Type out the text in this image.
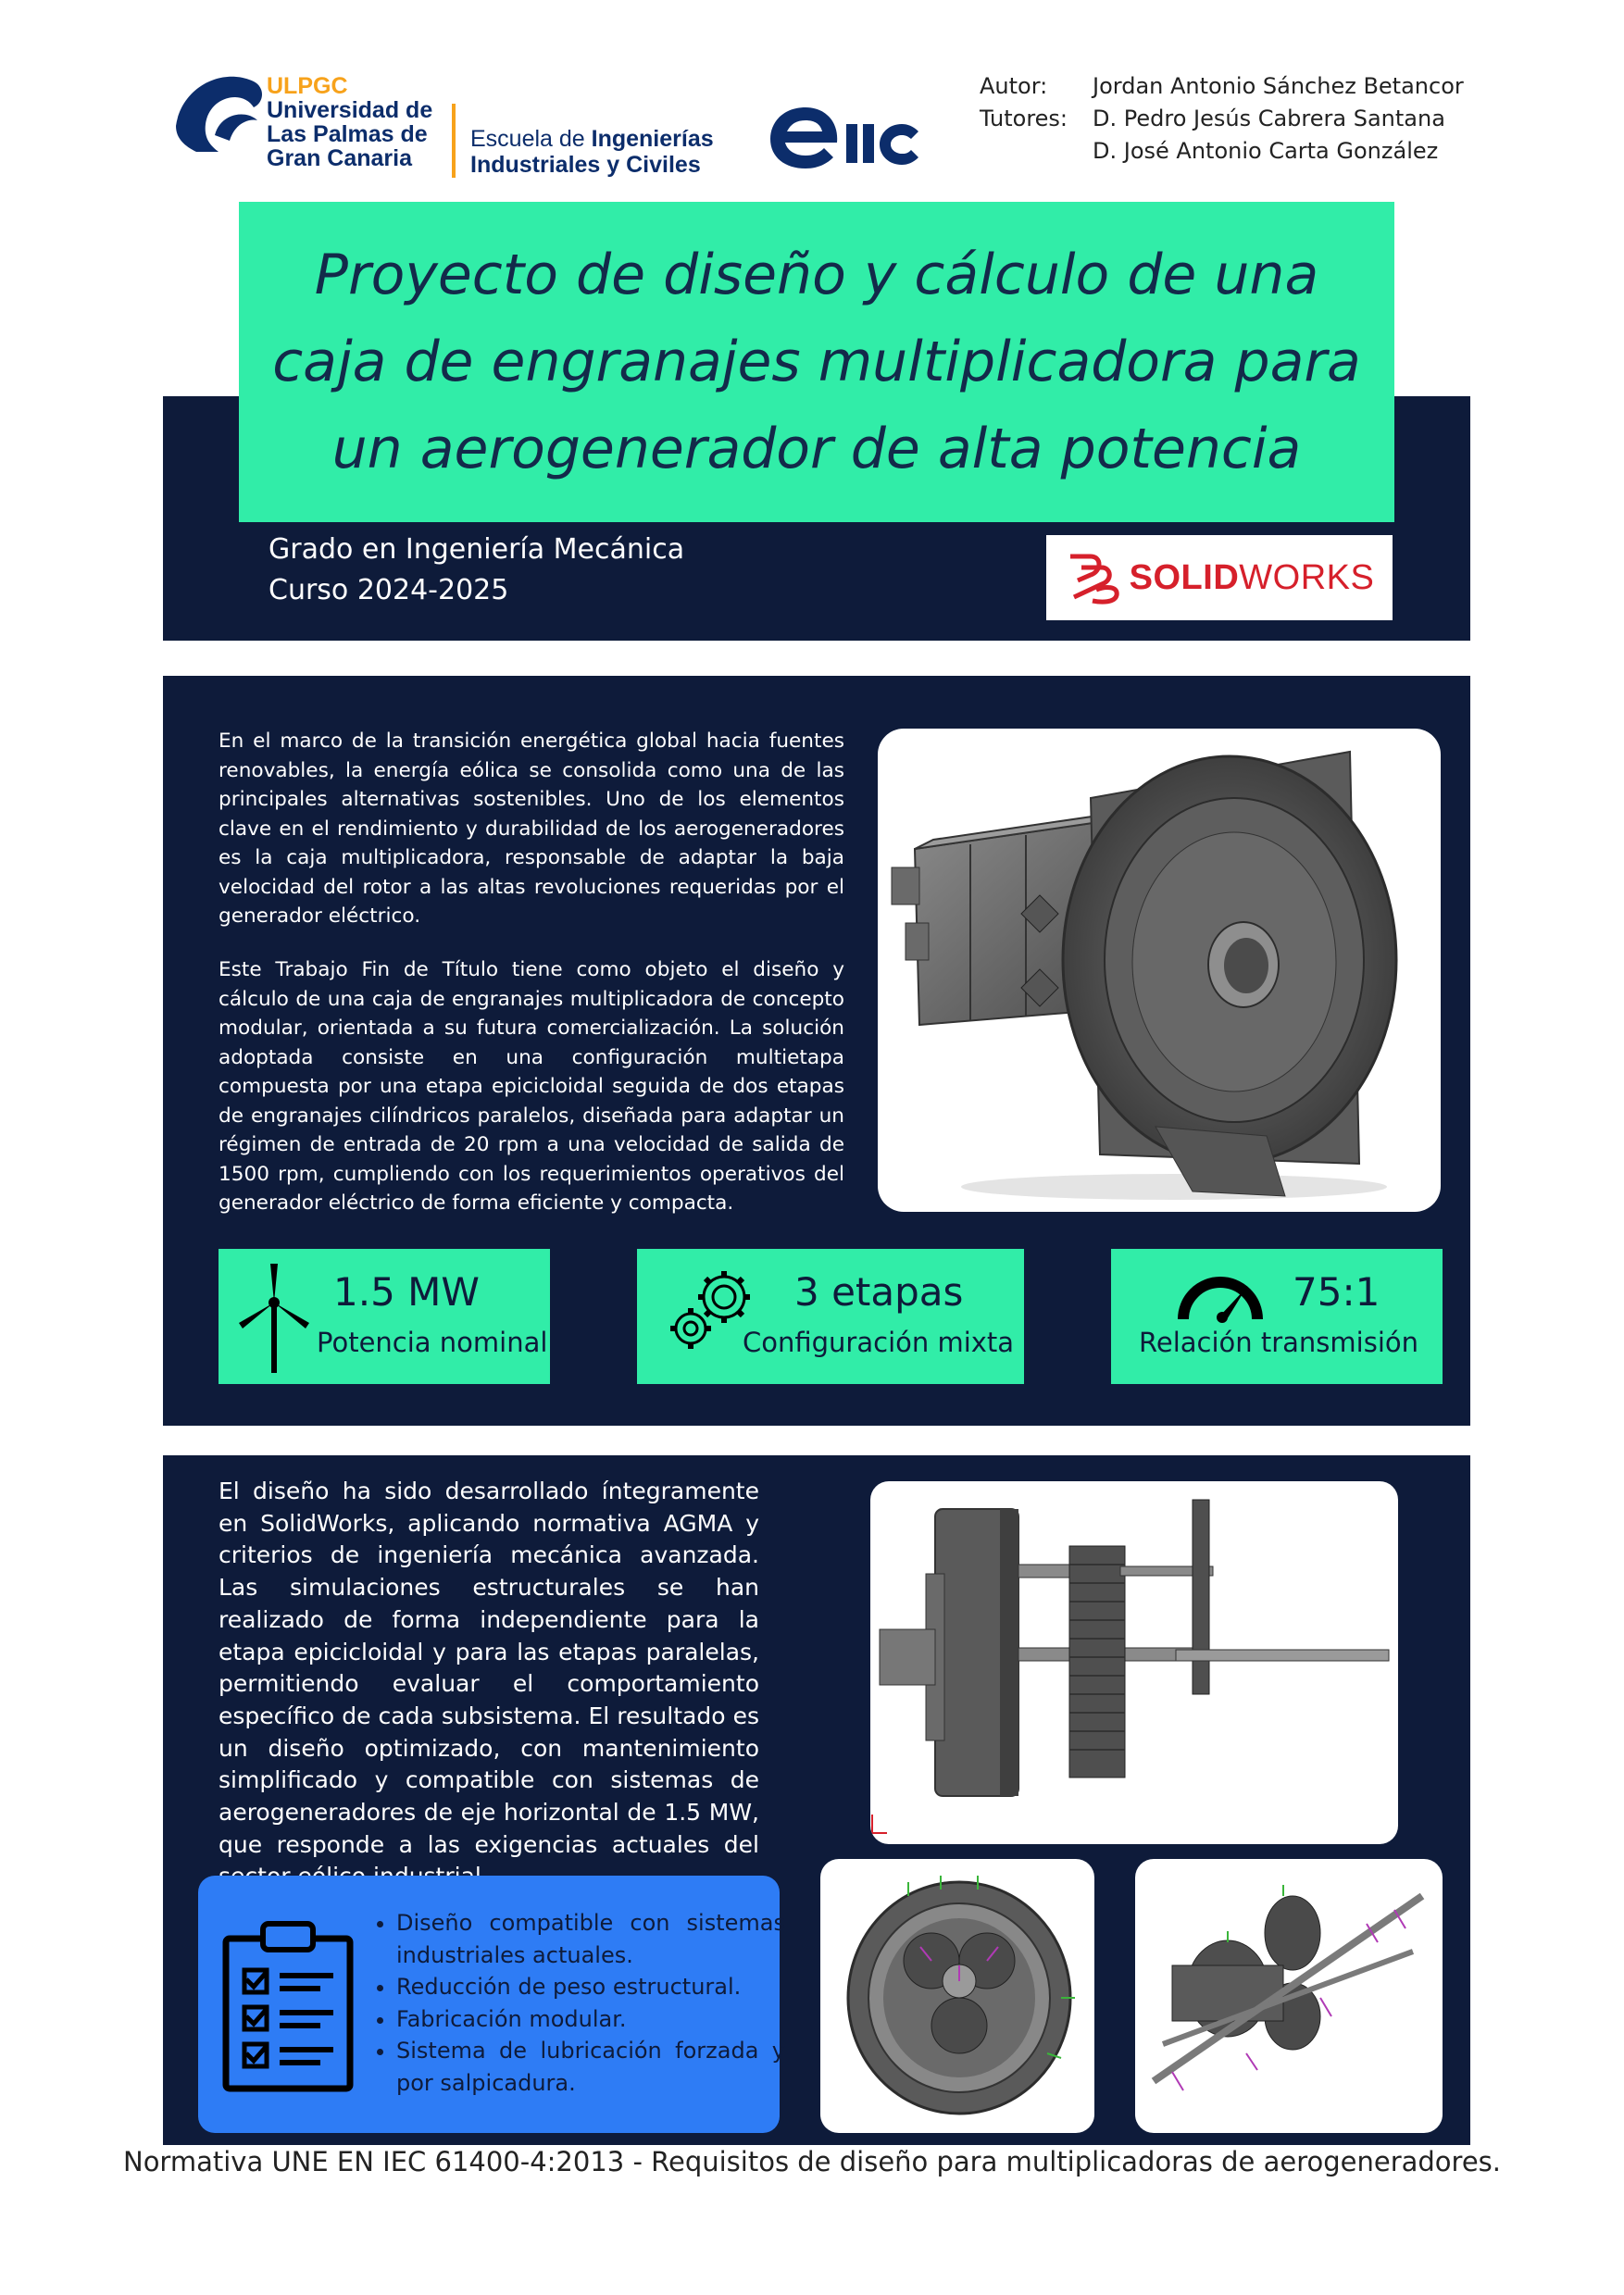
ULPGC
Universidad de
Las Palmas de
Gran Canaria
Escuela de Ingenierías
Industriales y Civiles
Autor:	Jordan Antonio Sánchez Betancor
Tutores:	D. Pedro Jesús Cabrera Santana
D. José Antonio Carta González
Proyecto de diseño y cálculo de una caja de engranajes multiplicadora para un aerogenerador de alta potencia
Grado en Ingeniería Mecánica
Curso 2024-2025	SOLIDWORKS
En el marco de la transición energética global hacia fuentes renovables, la energía eólica se consolida como una de las principales alternativas sostenibles. Uno de los elementos clave en el rendimiento y durabilidad de los aerogeneradores es la caja multiplicadora, responsable de adaptar la baja velocidad del rotor a las altas revoluciones requeridas por el generador eléctrico.
Este Trabajo Fin de Título tiene como objeto el diseño y cálculo de una caja de engranajes multiplicadora de concepto modular, orientada a su futura comercialización. La solución adoptada consiste en una configuración multietapa compuesta por una etapa epicicloidal seguida de dos etapas de engranajes cilíndricos paralelos, diseñada para adaptar un régimen de entrada de 20 rpm a una velocidad de salida de 1500 rpm, cumpliendo con los requerimientos operativos del generador eléctrico de forma eficiente y compacta.
1.5 MW
Potencia nominal
3 etapas
Configuración mixta
75:1
Relación transmisión
El diseño ha sido desarrollado íntegramente en SolidWorks, aplicando normativa AGMA y criterios de ingeniería mecánica avanzada. Las simulaciones estructurales se han realizado de forma independiente para la etapa epicicloidal y para las etapas paralelas, permitiendo evaluar el comportamiento específico de cada subsistema. El resultado es un diseño optimizado, con mantenimiento simplificado y compatible con sistemas de aerogeneradores de eje horizontal de 1.5 MW, que responde a las exigencias actuales del
• Diseño compatible con sistemas industriales actuales.
• Reducción de peso estructural.
• Fabricación modular.
• Sistema de lubricación forzada y por salpicadura.
Normativa UNE EN IEC 61400-4:2013 - Requisitos de diseño para multiplicadoras de aerogeneradores.
